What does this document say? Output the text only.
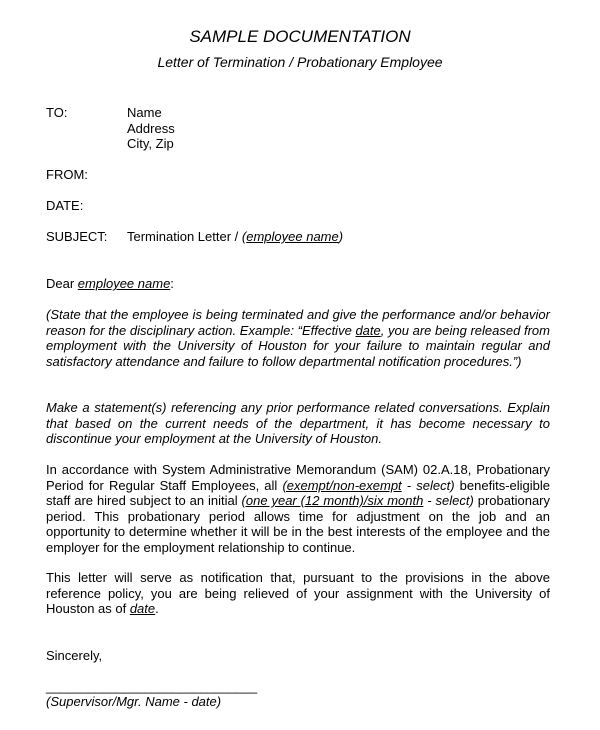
SAMPLE DOCUMENTATION
Letter of Termination / Probationary Employee
TO:	Name
Address
City, Zip
FROM:
DATE:
SUBJECT: Termination Letter / (employee name)
Dear employee name:
(State that the employee is being terminated and give the performance and/or behavior reason for the disciplinary action. Example: “Effective date, you are being released from employment with the University of Houston for your failure to maintain regular and satisfactory attendance and failure to follow departmental notification procedures.”)
Make a statement(s) referencing any prior performance related conversations. Explain that based on the current needs of the department, it has become necessary to discontinue your employment at the University of Houston.
In accordance with System Administrative Memorandum (SAM) 02.A.18, Probationary Period for Regular Staff Employees, all (exempt/non-exempt - select) benefits-eligible staff are hired subject to an initial (one year (12 month)/six month - select) probationary period. This probationary period allows time for adjustment on the job and an opportunity to determine whether it will be in the best interests of the employee and the employer for the employment relationship to continue.
This letter will serve as notification that, pursuant to the provisions in the above reference policy, you are being relieved of your assignment with the University of Houston as of date.
Sincerely,
______________________________
(Supervisor/Mgr. Name - date)
